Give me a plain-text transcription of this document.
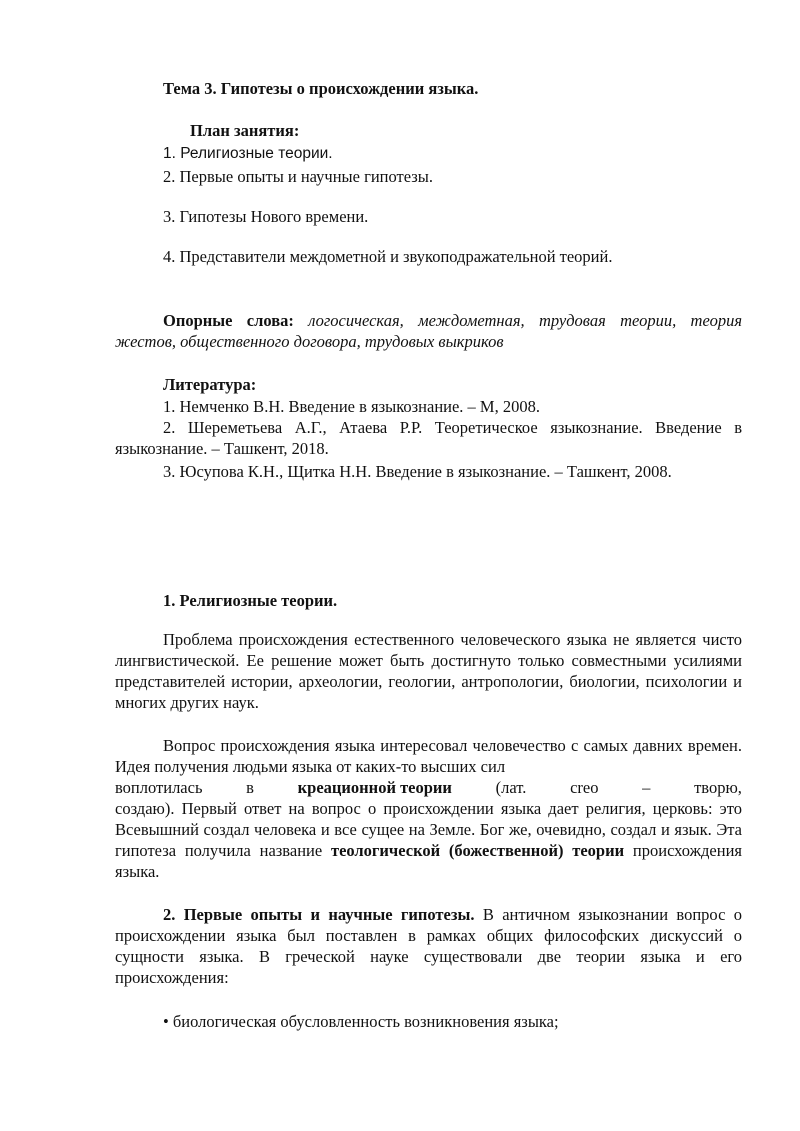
Тема 3. Гипотезы о происхождении языка.

План занятия:

1. Религиозные теории.

2. Первые опыты и научные гипотезы.

3. Гипотезы Нового времени.

4. Представители междометной и звукоподражательной теорий.

Опорные слова: логосическая, междометная, трудовая теории, теория жестов, общественного договора, трудовых выкриков

Литература:

1. Немченко В.Н. Введение в языкознание. – М, 2008.

2. Шереметьева А.Г., Атаева Р.Р. Теоретическое языкознание. Введение в языкознание. – Ташкент, 2018.

3. Юсупова К.Н., Щитка Н.Н. Введение в языкознание. – Ташкент, 2008.

1. Религиозные теории.

Проблема происхождения естественного человеческого языка не является чисто лингвистической. Ее решение может быть достигнуто только совместными усилиями представителей истории, археологии, геологии, антропологии, биологии, психологии и многих других наук.

Вопрос происхождения языка интересовал человечество с самых давних времен. Идея получения людьми языка от каких-то высших сил

воплотилась	в	креационной теории	(лат.	creo	–	творю,

создаю). Первый ответ на вопрос о происхождении языка дает религия, церковь: это Всевышний создал человека и все сущее на Земле. Бог же, очевидно, создал и язык. Эта гипотеза получила название теологической (божественной) теории происхождения языка.

2. Первые опыты и научные гипотезы. В античном языкознании вопрос о происхождении языка был поставлен в рамках общих философских дискуссий о сущности языка. В греческой науке существовали две теории языка и его происхождения:

• биологическая обусловленность возникновения языка;
